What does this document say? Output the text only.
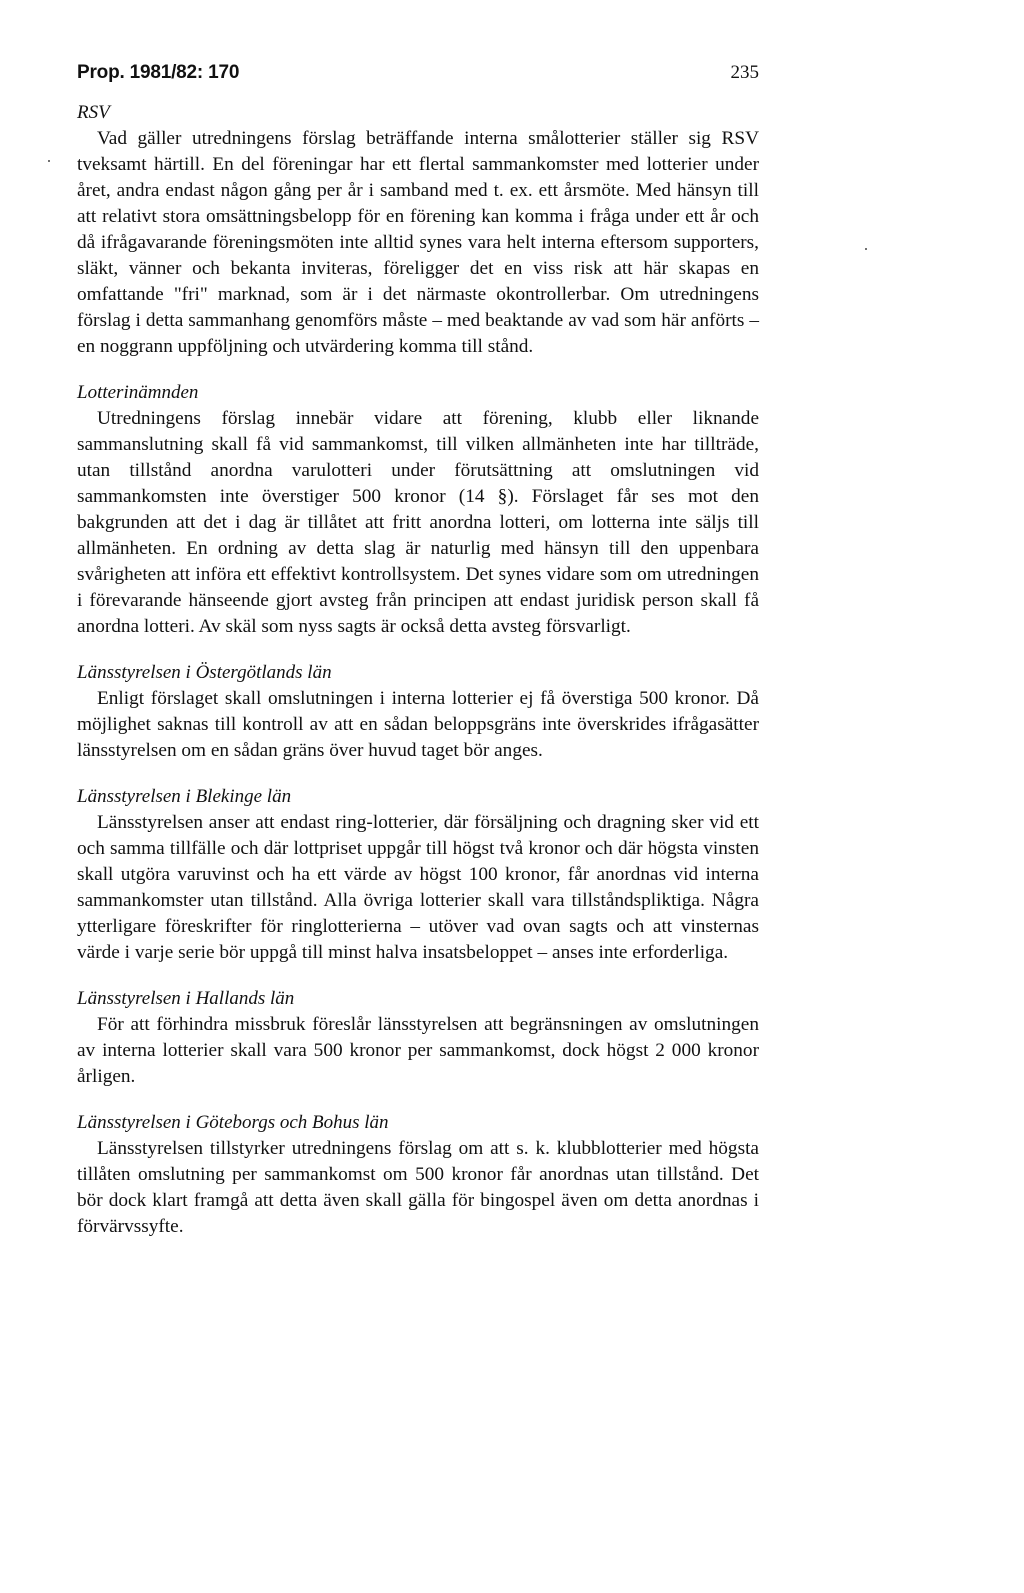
Prop. 1981/82: 170	235

RSV

Vad gäller utredningens förslag beträffande interna smålotterier ställer sig RSV tveksamt härtill. En del föreningar har ett flertal sammankomster med lotterier under året, andra endast någon gång per år i samband med t. ex. ett årsmöte. Med hänsyn till att relativt stora omsättningsbelopp för en förening kan komma i fråga under ett år och då ifrågavarande föreningsmöten inte alltid synes vara helt interna eftersom supporters, släkt, vänner och bekanta inviteras, föreligger det en viss risk att här skapas en omfattande "fri" marknad, som är i det närmaste okontrollerbar. Om utredningens förslag i detta sammanhang genomförs måste – med beaktande av vad som här anförts – en noggrann uppföljning och utvärdering komma till stånd.

Lotterinämnden

Utredningens förslag innebär vidare att förening, klubb eller liknande sammanslutning skall få vid sammankomst, till vilken allmänheten inte har tillträde, utan tillstånd anordna varulotteri under förutsättning att omslutningen vid sammankomsten inte överstiger 500 kronor (14 §). Förslaget får ses mot den bakgrunden att det i dag är tillåtet att fritt anordna lotteri, om lotterna inte säljs till allmänheten. En ordning av detta slag är naturlig med hänsyn till den uppenbara svårigheten att införa ett effektivt kontrollsystem. Det synes vidare som om utredningen i förevarande hänseende gjort avsteg från principen att endast juridisk person skall få anordna lotteri. Av skäl som nyss sagts är också detta avsteg försvarligt.

Länsstyrelsen i Östergötlands län

Enligt förslaget skall omslutningen i interna lotterier ej få överstiga 500 kronor. Då möjlighet saknas till kontroll av att en sådan beloppsgräns inte överskrides ifrågasätter länsstyrelsen om en sådan gräns över huvud taget bör anges.

Länsstyrelsen i Blekinge län

Länsstyrelsen anser att endast ring-lotterier, där försäljning och dragning sker vid ett och samma tillfälle och där lottpriset uppgår till högst två kronor och där högsta vinsten skall utgöra varuvinst och ha ett värde av högst 100 kronor, får anordnas vid interna sammankomster utan tillstånd. Alla övriga lotterier skall vara tillståndspliktiga. Några ytterligare föreskrifter för ringlotterierna – utöver vad ovan sagts och att vinsternas värde i varje serie bör uppgå till minst halva insatsbeloppet – anses inte erforderliga.

Länsstyrelsen i Hallands län

För att förhindra missbruk föreslår länsstyrelsen att begränsningen av omslutningen av interna lotterier skall vara 500 kronor per sammankomst, dock högst 2 000 kronor årligen.

Länsstyrelsen i Göteborgs och Bohus län

Länsstyrelsen tillstyrker utredningens förslag om att s. k. klubblotterier med högsta tillåten omslutning per sammankomst om 500 kronor får anordnas utan tillstånd. Det bör dock klart framgå att detta även skall gälla för bingospel även om detta anordnas i förvärvssyfte.
